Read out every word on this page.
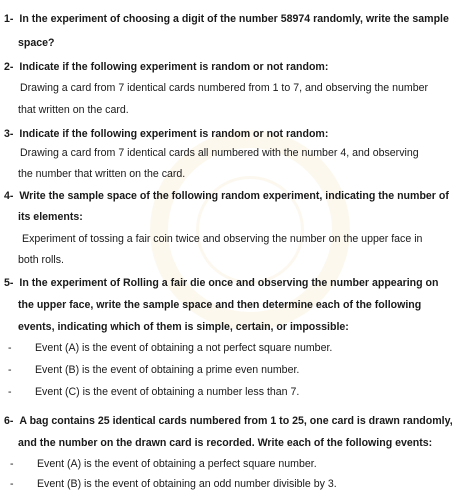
1- In the experiment of choosing a digit of the number 58974 randomly, write the sample
space?
2- Indicate if the following experiment is random or not random:
Drawing a card from 7 identical cards numbered from 1 to 7, and observing the number
that written on the card.
3- Indicate if the following experiment is random or not random:
Drawing a card from 7 identical cards all numbered with the number 4, and observing
the number that written on the card.
4- Write the sample space of the following random experiment, indicating the number of
its elements:
Experiment of tossing a fair coin twice and observing the number on the upper face in
both rolls.
5- In the experiment of Rolling a fair die once and observing the number appearing on
the upper face, write the sample space and then determine each of the following
events, indicating which of them is simple, certain, or impossible:
- Event (A) is the event of obtaining a not perfect square number.
- Event (B) is the event of obtaining a prime even number.
- Event (C) is the event of obtaining a number less than 7.
6- A bag contains 25 identical cards numbered from 1 to 25, one card is drawn randomly,
and the number on the drawn card is recorded. Write each of the following events:
- Event (A) is the event of obtaining a perfect square number.
- Event (B) is the event of obtaining an odd number divisible by 3.
